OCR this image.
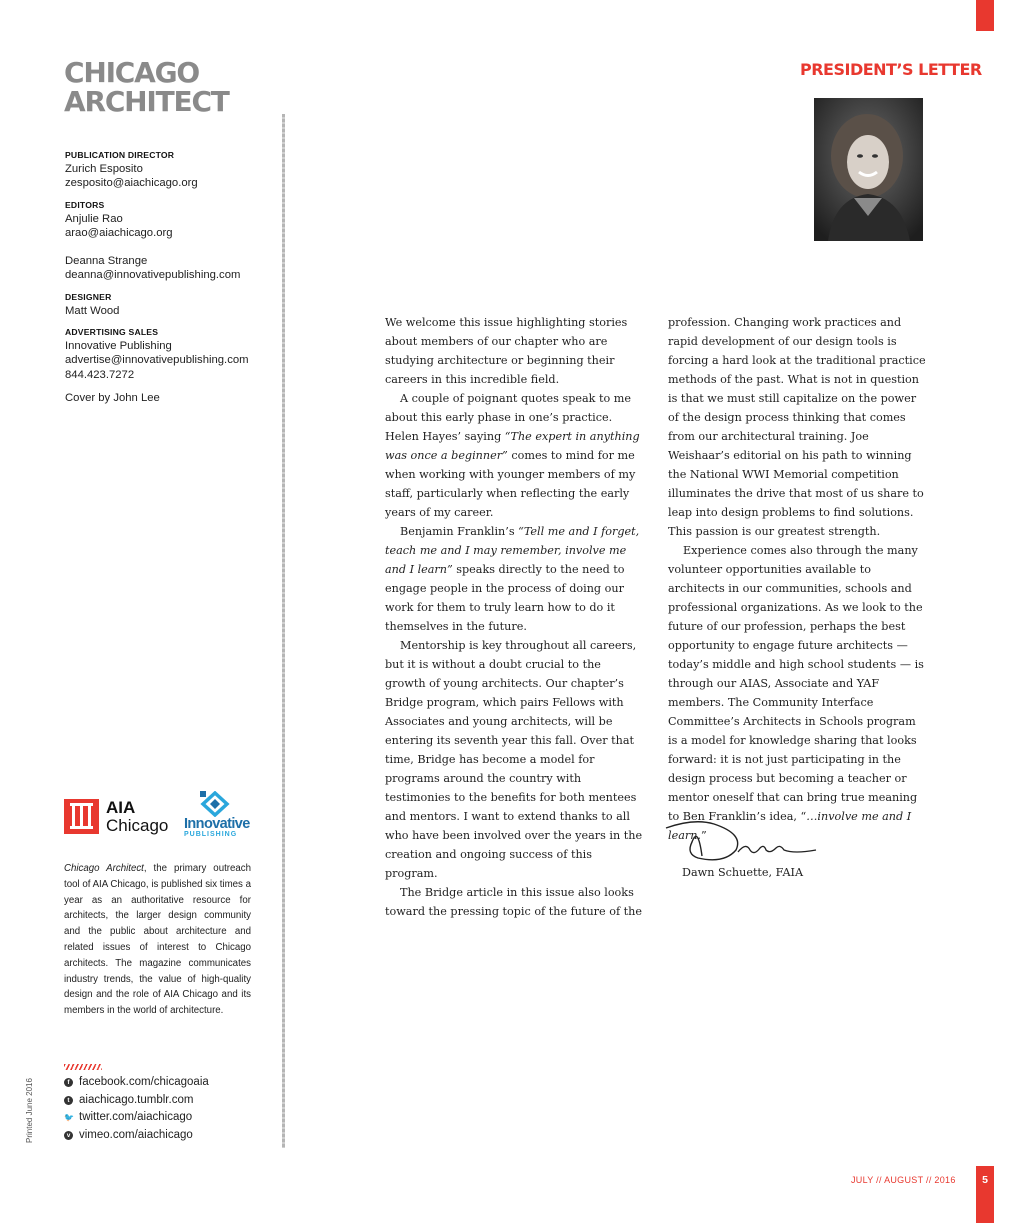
CHICAGO
ARCHITECT
PUBLICATION DIRECTOR
Zurich Esposito
zesposito@aiachicago.org
EDITORS
Anjulie Rao
arao@aiachicago.org
Deanna Strange
deanna@innovativepublishing.com
DESIGNER
Matt Wood
ADVERTISING SALES
Innovative Publishing
advertise@innovativepublishing.com
844.423.7272
Cover by John Lee
AIA
Chicago Innovative
PUBLISHING
Chicago Architect, the primary outreach tool of AIA Chicago, is published six times a year as an authoritative resource for architects, the larger design community and the public about architecture and related issues of interest to Chicago architects. The magazine communicates industry trends, the value of high-quality design and the role of AIA Chicago and its members in the world of architecture.
f facebook.com/chicagoaia
t aiachicago.tumblr.com
🐦 twitter.com/aiachicago
v vimeo.com/aiachicago
Printed June 2016
PRESIDENT’S LETTER

We welcome this issue highlighting stories about members of our chapter who are studying architecture or beginning their careers in this incredible field.

A couple of poignant quotes speak to me about this early phase in one’s practice. Helen Hayes’ saying “The expert in anything was once a beginner” comes to mind for me when working with younger members of my staff, particularly when reflecting the early years of my career.

Benjamin Franklin’s “Tell me and I forget, teach me and I may remember, involve me and I learn” speaks directly to the need to engage people in the process of doing our work for them to truly learn how to do it themselves in the future.

Mentorship is key throughout all careers, but it is without a doubt crucial to the growth of young architects. Our chapter’s Bridge program, which pairs Fellows with Associates and young architects, will be entering its seventh year this fall. Over that time, Bridge has become a model for programs around the country with testimonies to the benefits for both mentees and mentors. I want to extend thanks to all who have been involved over the years in the creation and ongoing success of this program.

The Bridge article in this issue also looks toward the pressing topic of the future of the

profession. Changing work practices and rapid development of our design tools is forcing a hard look at the traditional practice methods of the past. What is not in question is that we must still capitalize on the power of the design process thinking that comes from our architectural training. Joe Weishaar’s editorial on his path to winning the National WWI Memorial competition illuminates the drive that most of us share to leap into design problems to find solutions. This passion is our greatest strength.

Experience comes also through the many volunteer opportunities available to architects in our communities, schools and professional organizations. As we look to the future of our profession, perhaps the best opportunity to engage future architects — today’s middle and high school students — is through our AIAS, Associate and YAF members. The Community Interface Committee’s Architects in Schools program is a model for knowledge sharing that looks forward: it is not just participating in the design process but becoming a teacher or mentor oneself that can bring true meaning to Ben Franklin’s idea, “…involve me and I learn.”

Dawn Schuette, FAIA
JULY // AUGUST // 2016	5
